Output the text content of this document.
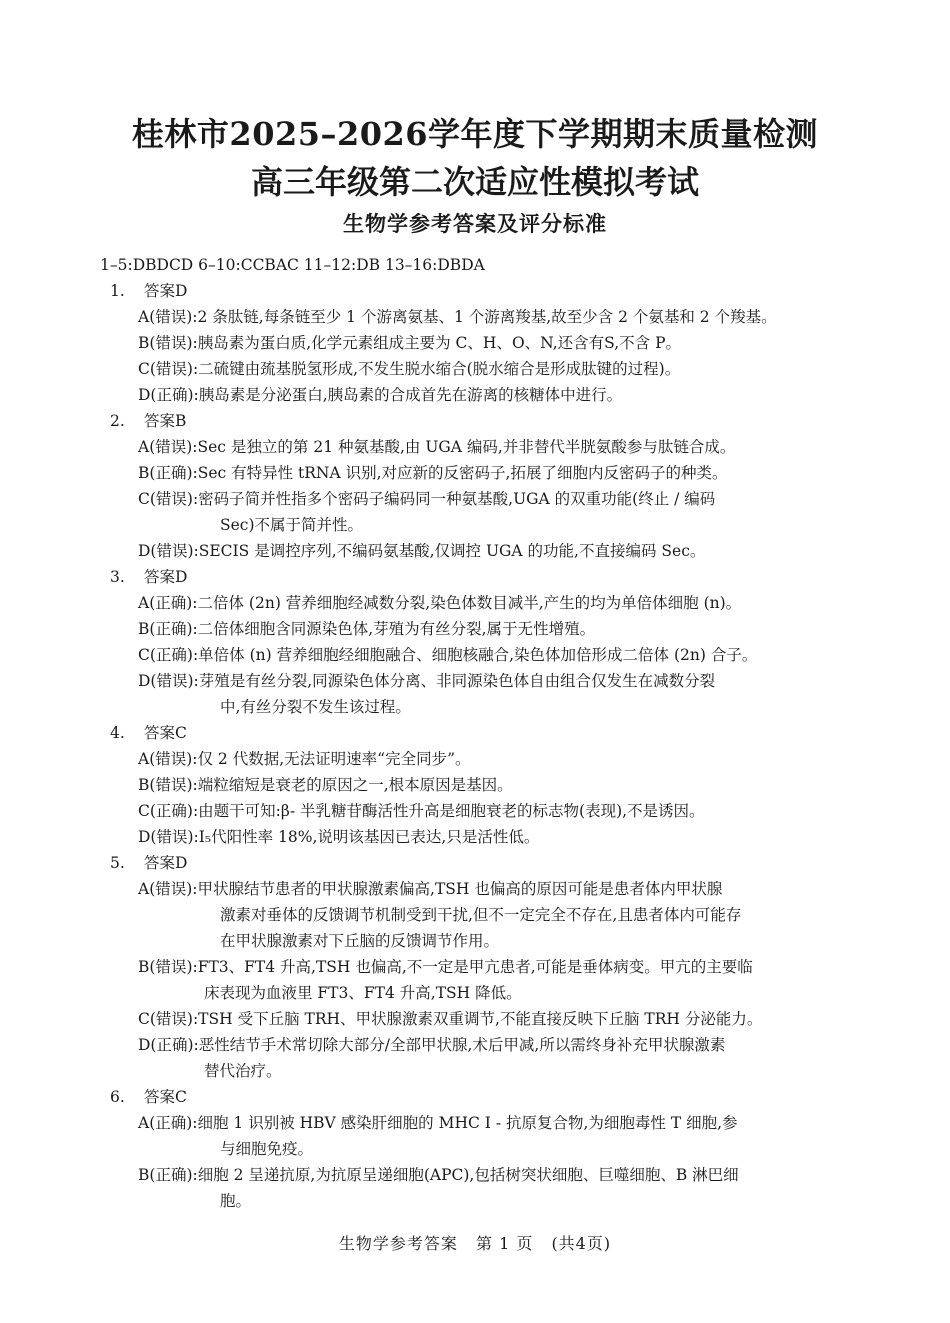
桂林市2025–2026学年度下学期期末质量检测
高三年级第二次适应性模拟考试
生物学参考答案及评分标准
1–5:DBDCD 6–10:CCBAC 11–12:DB 13–16:DBDA
1. 答案D
A(错误):2 条肽链,每条链至少 1 个游离氨基、1 个游离羧基,故至少含 2 个氨基和 2 个羧基。
B(错误):胰岛素为蛋白质,化学元素组成主要为 C、H、O、N,还含有S,不含 P。
C(错误):二硫键由巯基脱氢形成,不发生脱水缩合(脱水缩合是形成肽键的过程)。
D(正确):胰岛素是分泌蛋白,胰岛素的合成首先在游离的核糖体中进行。
2. 答案B
A(错误):Sec 是独立的第 21 种氨基酸,由 UGA 编码,并非替代半胱氨酸参与肽链合成。
B(正确):Sec 有特异性 tRNA 识别,对应新的反密码子,拓展了细胞内反密码子的种类。
C(错误):密码子简并性指多个密码子编码同一种氨基酸,UGA 的双重功能(终止 / 编码
Sec)不属于简并性。
D(错误):SECIS 是调控序列,不编码氨基酸,仅调控 UGA 的功能,不直接编码 Sec。
3. 答案D
A(正确):二倍体 (2n) 营养细胞经减数分裂,染色体数目减半,产生的均为单倍体细胞 (n)。
B(正确):二倍体细胞含同源染色体,芽殖为有丝分裂,属于无性增殖。
C(正确):单倍体 (n) 营养细胞经细胞融合、细胞核融合,染色体加倍形成二倍体 (2n) 合子。
D(错误):芽殖是有丝分裂,同源染色体分离、非同源染色体自由组合仅发生在减数分裂
中,有丝分裂不发生该过程。
4. 答案C
A(错误):仅 2 代数据,无法证明速率“完全同步”。
B(错误):端粒缩短是衰老的原因之一,根本原因是基因。
C(正确):由题干可知:β- 半乳糖苷酶活性升高是细胞衰老的标志物(表现),不是诱因。
D(错误):I₅代阳性率 18%,说明该基因已表达,只是活性低。
5. 答案D
A(错误):甲状腺结节患者的甲状腺激素偏高,TSH 也偏高的原因可能是患者体内甲状腺
激素对垂体的反馈调节机制受到干扰,但不一定完全不存在,且患者体内可能存
在甲状腺激素对下丘脑的反馈调节作用。
B(错误):FT3、FT4 升高,TSH 也偏高,不一定是甲亢患者,可能是垂体病变。甲亢的主要临
床表现为血液里 FT3、FT4 升高,TSH 降低。
C(错误):TSH 受下丘脑 TRH、甲状腺激素双重调节,不能直接反映下丘脑 TRH 分泌能力。
D(正确):恶性结节手术常切除大部分/全部甲状腺,术后甲减,所以需终身补充甲状腺激素
替代治疗。
6. 答案C
A(正确):细胞 1 识别被 HBV 感染肝细胞的 MHC Ⅰ - 抗原复合物,为细胞毒性 T 细胞,参
与细胞免疫。
B(正确):细胞 2 呈递抗原,为抗原呈递细胞(APC),包括树突状细胞、巨噬细胞、B 淋巴细
胞。
生物学参考答案 第 1 页 (共4页)
